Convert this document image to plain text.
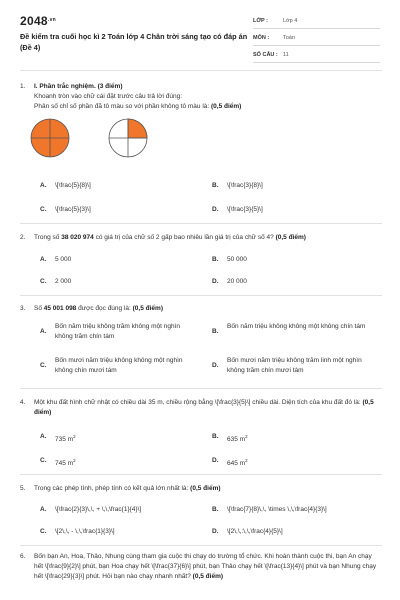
$2048^{.vn}$
Đề kiểm tra cuối học kì 2 Toán lớp 4 Chân trời sáng tạo có đáp án (Đề 4)
LỚP :	Lớp 4
MÔN :	Toán
SỐ CÂU : 11
1. I. Phần trắc nghiệm. (3 điểm)
Khoanh tròn vào chữ cái đặt trước câu trả lời đúng:
Phân số chỉ số phần đã tô màu so với phần không tô màu là: (0,5 điểm)
A.	\[\frac{5}{8}\]	B.	\[\frac{3}{8}\]
C.	\[\frac{5}{3}\]	D.	\[\frac{3}{5}\]
2. Trong số 38 020 974 có giá trị của chữ số 2 gấp bao nhiêu lần giá trị của chữ số 4? (0,5 điểm)
A.	5 000	B.	50 000
C.	2 000	D.	20 000
3. Số 45 001 098 được đọc đúng là: (0,5 điểm)
A.
Bốn năm triệu không trăm không một nghìn không trăm chín tám
B.
Bốn năm triệu không không một không chín tám
C.
Bốn mươi năm triệu không không một nghìn không chín mươi tám
D.
Bốn mươi năm triệu không trăm linh một nghìn không trăm chín mươi tám
4. Một khu đất hình chữ nhật có chiều dài 35 m, chiều rộng bằng \[\frac{3}{5}\] chiều dài. Diện tích của khu đất đó là: (0,5 điểm)
A.	735 $m^2$	B.	635 $m^2$
C.	745 $m^2$	D.	645 $m^2$
5. Trong các phép tính, phép tính có kết quả lớn nhất là: (0,5 điểm)
A.	\[\frac{2}{3}\,\, + \,\,\frac{1}{4}\]	B.	\[\frac{7}{8}\,\, \times \,\,\frac{4}{3}\]
C.	\[2\,\, - \,\,\frac{1}{3}\]	D.	\[2\,\,:\,\,\frac{4}{5}\]
6. Bốn bạn An, Hoa, Thảo, Nhung cùng tham gia cuộc thi chạy do trường tổ chức. Khi hoàn thành cuộc thi, bạn An chạy hết \[\frac{9}{2}\] phút, bạn Hoa chạy hết \[\frac{37}{6}\] phút, bạn Thảo chạy hết \[\frac{13}{4}\] phút và bạn Nhung chạy hết \[\frac{29}{3}\] phút. Hỏi bạn nào chạy nhanh nhất? (0,5 điểm)
